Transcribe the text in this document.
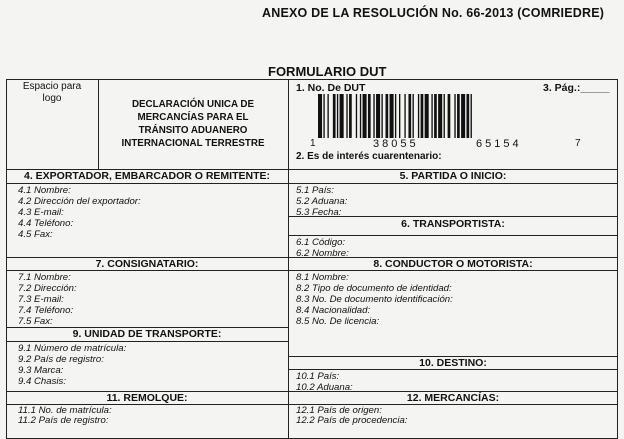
ANEXO DE LA RESOLUCIÓN No. 66-2013 (COMRIEDRE)
FORMULARIO DUT
Espacio para
logo
DECLARACIÓN UNICA DE
MERCANCÍAS PARA EL
TRÁNSITO ADUANERO
INTERNACIONAL TERRESTRE
1. No. De DUT	3. Pág.:_____
1	38055	65154	7
2. Es de interés cuarentenario:
4. EXPORTADOR, EMBARCADOR O REMITENTE:
4.1 Nombre:
4.2 Dirección del exportador:
4.3 E-mail:
4.4 Teléfono:
4.5 Fax:
5. PARTIDA O INICIO:
5.1 País:
5.2 Aduana:
5.3 Fecha:
6. TRANSPORTISTA:
6.1 Código:
6.2 Nombre:
7. CONSIGNATARIO:
7.1 Nombre:
7.2 Dirección:
7.3 E-mail:
7.4 Teléfono:
7.5 Fax:
8. CONDUCTOR O MOTORISTA:
8.1 Nombre:
8.2 Tipo de documento de identidad:
8.3 No. De documento identificación:
8.4 Nacionalidad:
8.5 No. De licencia:
9. UNIDAD DE TRANSPORTE:
9.1 Número de matrícula:
9.2 País de registro:
9.3 Marca:
9.4 Chasis:
10. DESTINO:
10.1 País:
10.2 Aduana:
11. REMOLQUE:	12. MERCANCÍAS:
11.1 No. de matrícula:
11.2 País de registro:
12.1 País de origen:
12.2 País de procedencia:
